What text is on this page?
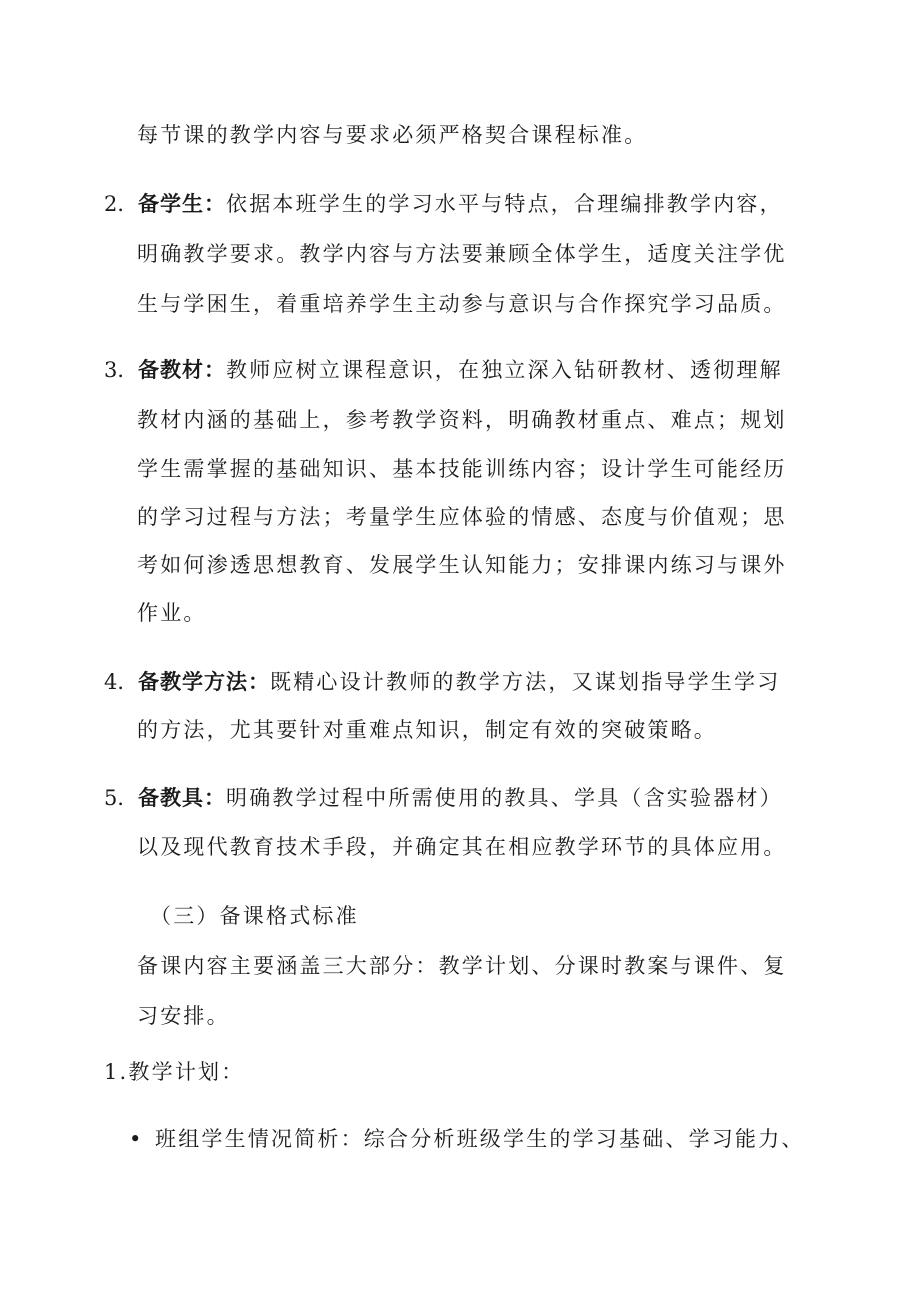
每节课的教学内容与要求必须严格契合课程标准。
2．备学生：依据本班学生的学习水平与特点，合理编排教学内容，
明确教学要求。教学内容与方法要兼顾全体学生，适度关注学优
生与学困生，着重培养学生主动参与意识与合作探究学习品质。
3．备教材：教师应树立课程意识，在独立深入钻研教材、透彻理解
教材内涵的基础上，参考教学资料，明确教材重点、难点；规划
学生需掌握的基础知识、基本技能训练内容；设计学生可能经历
的学习过程与方法；考量学生应体验的情感、态度与价值观；思
考如何渗透思想教育、发展学生认知能力；安排课内练习与课外
作业。
4．备教学方法：既精心设计教师的教学方法，又谋划指导学生学习
的方法，尤其要针对重难点知识，制定有效的突破策略。
5．备教具：明确教学过程中所需使用的教具、学具（含实验器材）
以及现代教育技术手段，并确定其在相应教学环节的具体应用。
（三）备课格式标准
备课内容主要涵盖三大部分：教学计划、分课时教案与课件、复
习安排。
1.教学计划：
• 班组学生情况简析：综合分析班级学生的学习基础、学习能力、
